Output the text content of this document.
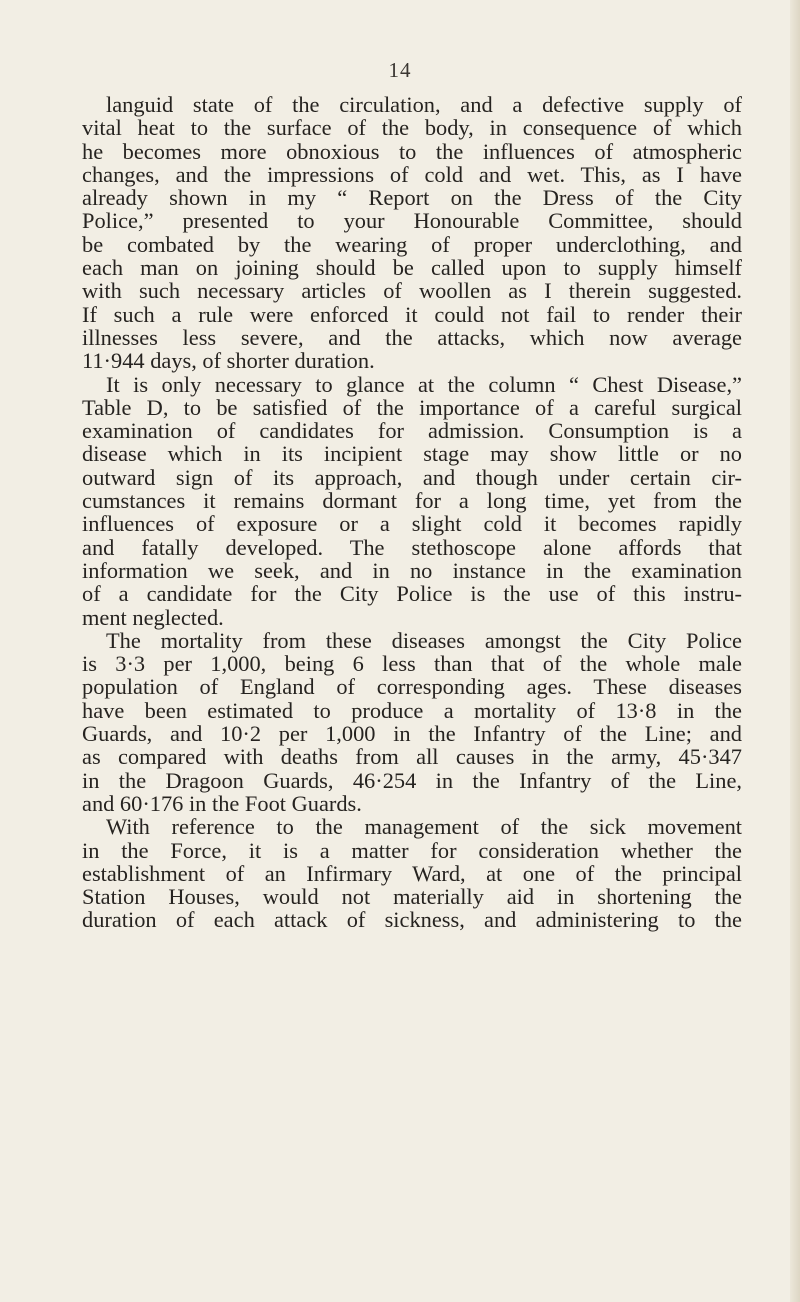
14
languid state of the circulation, and a defective supply of
vital heat to the surface of the body, in consequence of which
he becomes more obnoxious to the influences of atmospheric
changes, and the impressions of cold and wet. This, as I have
already shown in my “ Report on the Dress of the City
Police,” presented to your Honourable Committee, should
be combated by the wearing of proper underclothing, and
each man on joining should be called upon to supply himself
with such necessary articles of woollen as I therein suggested.
If such a rule were enforced it could not fail to render their
illnesses less severe, and the attacks, which now average
11·944 days, of shorter duration.
It is only necessary to glance at the column “ Chest Disease,”
Table D, to be satisfied of the importance of a careful surgical
examination of candidates for admission. Consumption is a
disease which in its incipient stage may show little or no
outward sign of its approach, and though under certain cir-
cumstances it remains dormant for a long time, yet from the
influences of exposure or a slight cold it becomes rapidly
and fatally developed. The stethoscope alone affords that
information we seek, and in no instance in the examination
of a candidate for the City Police is the use of this instru-
ment neglected.
The mortality from these diseases amongst the City Police
is 3·3 per 1,000, being 6 less than that of the whole male
population of England of corresponding ages. These diseases
have been estimated to produce a mortality of 13·8 in the
Guards, and 10·2 per 1,000 in the Infantry of the Line; and
as compared with deaths from all causes in the army, 45·347
in the Dragoon Guards, 46·254 in the Infantry of the Line,
and 60·176 in the Foot Guards.
With reference to the management of the sick movement
in the Force, it is a matter for consideration whether the
establishment of an Infirmary Ward, at one of the principal
Station Houses, would not materially aid in shortening the
duration of each attack of sickness, and administering to the
